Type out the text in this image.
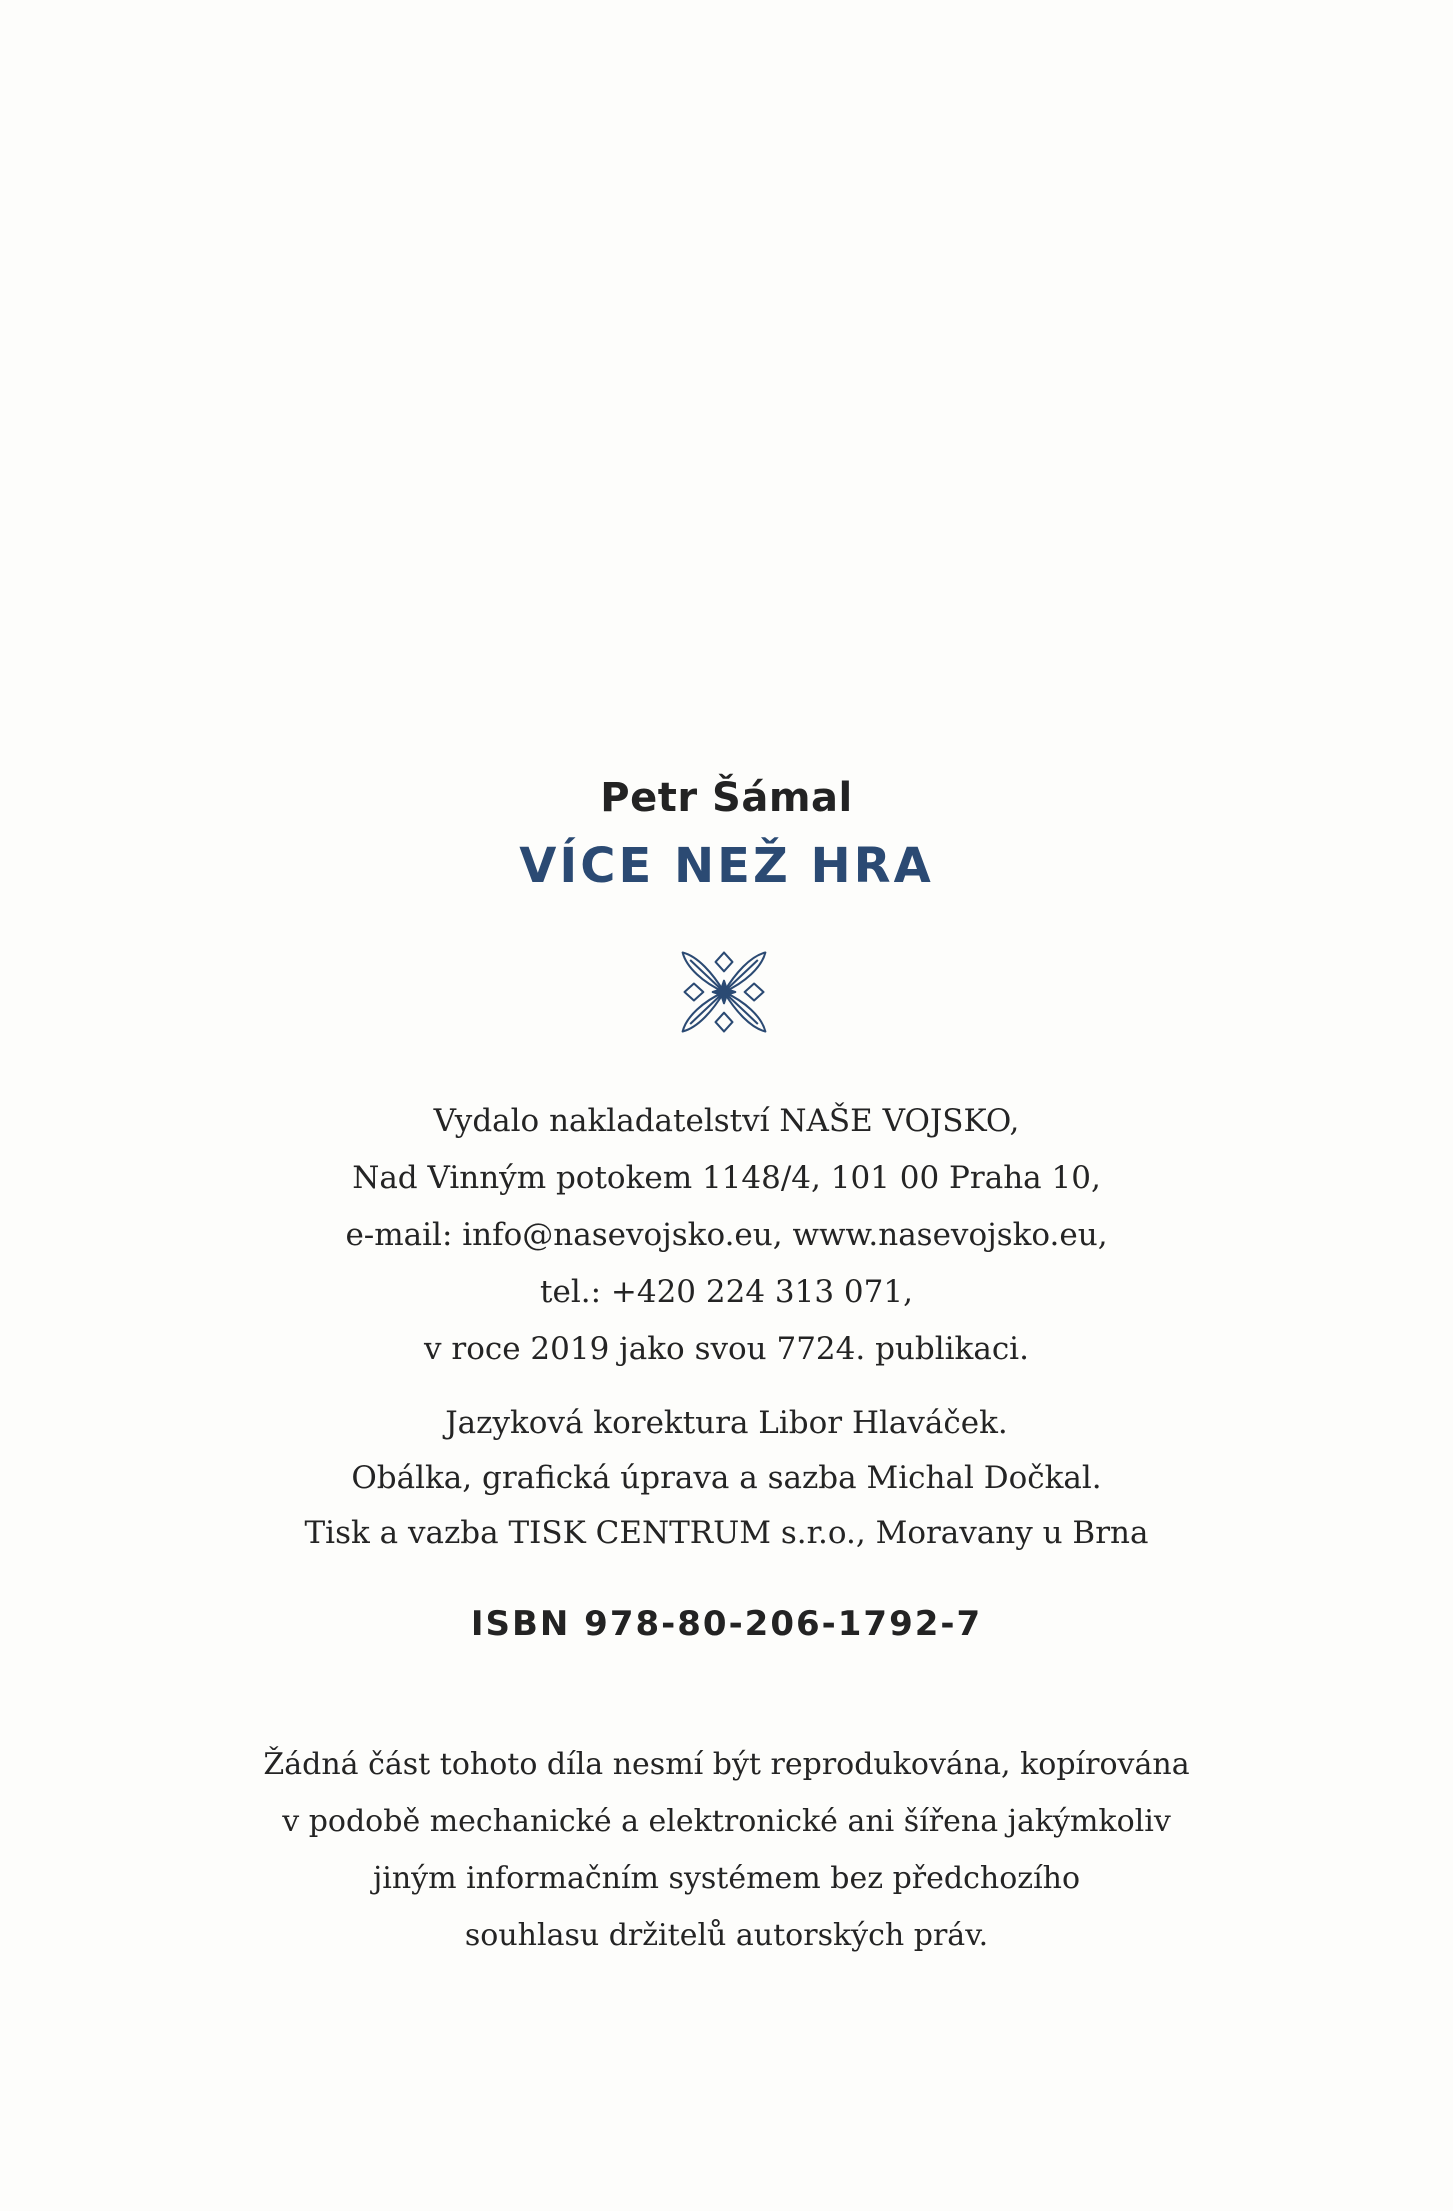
Petr Šámal
VÍCE NEŽ HRA
Vydalo nakladatelství NAŠE VOJSKO,
Nad Vinným potokem 1148/4, 101 00 Praha 10,
e-mail: info@nasevojsko.eu, www.nasevojsko.eu,
tel.: +420 224 313 071,
v roce 2019 jako svou 7724. publikaci.
Jazyková korektura Libor Hlaváček.
Obálka, grafická úprava a sazba Michal Dočkal.
Tisk a vazba TISK CENTRUM s.r.o., Moravany u Brna
ISBN 978-80-206-1792-7
Žádná část tohoto díla nesmí být reprodukována, kopírována
v podobě mechanické a elektronické ani šířena jakýmkoliv
jiným informačním systémem bez předchozího
souhlasu držitelů autorských práv.
